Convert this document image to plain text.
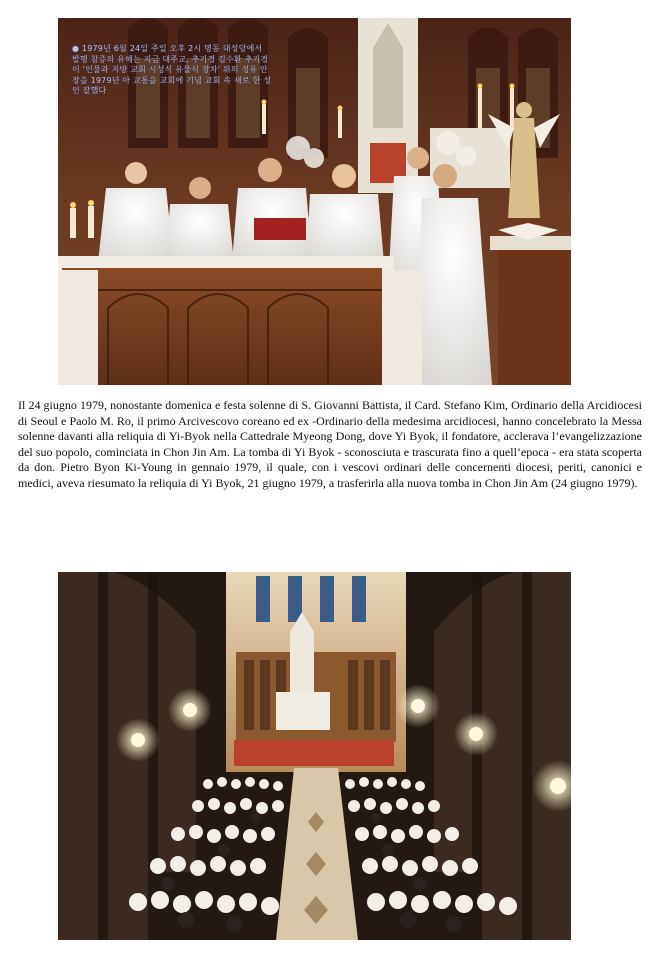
● 1979년 6월 24일 주일 오후 2시 명동 대성당에서 발행 참증의 유해는 지금 대주교, 추기경 김수환 추기경이 '인물과 지방 교회 시성식 유물식 장차' 위의 성유 안장을 1979년 아 교통을 교회에 기념 교회 속 새로 한 성인 잘했다

Il 24 giugno 1979, nonostante domenica e festa solenne di S. Giovanni Battista, il Card. Stefano Kim, Ordinario della Arcidiocesi di Seoul e Paolo M. Ro, il primo Arcivescovo coreano ed ex -Ordinario della medesima arcidiocesi, hanno concelebrato la Messa solenne davanti alla reliquia di Yi-Byok nella Cattedrale Myeong Dong, dove Yi Byok, il fondatore, acclerava l’evangelizzazione del suo popolo, cominciata in Chon Jin Am. La tomba di Yi Byok - sconosciuta e trascurata fino a quell’epoca - era stata scoperta da don. Pietro Byon Ki-Young in gennaio 1979, il quale, con i vescovi ordinari delle concernenti diocesi, periti, canonici e medici, aveva riesumato la reliquia di Yi Byok, 21 giugno 1979, a trasferirla alla nuova tomba in Chon Jin Am (24 giugno 1979).
